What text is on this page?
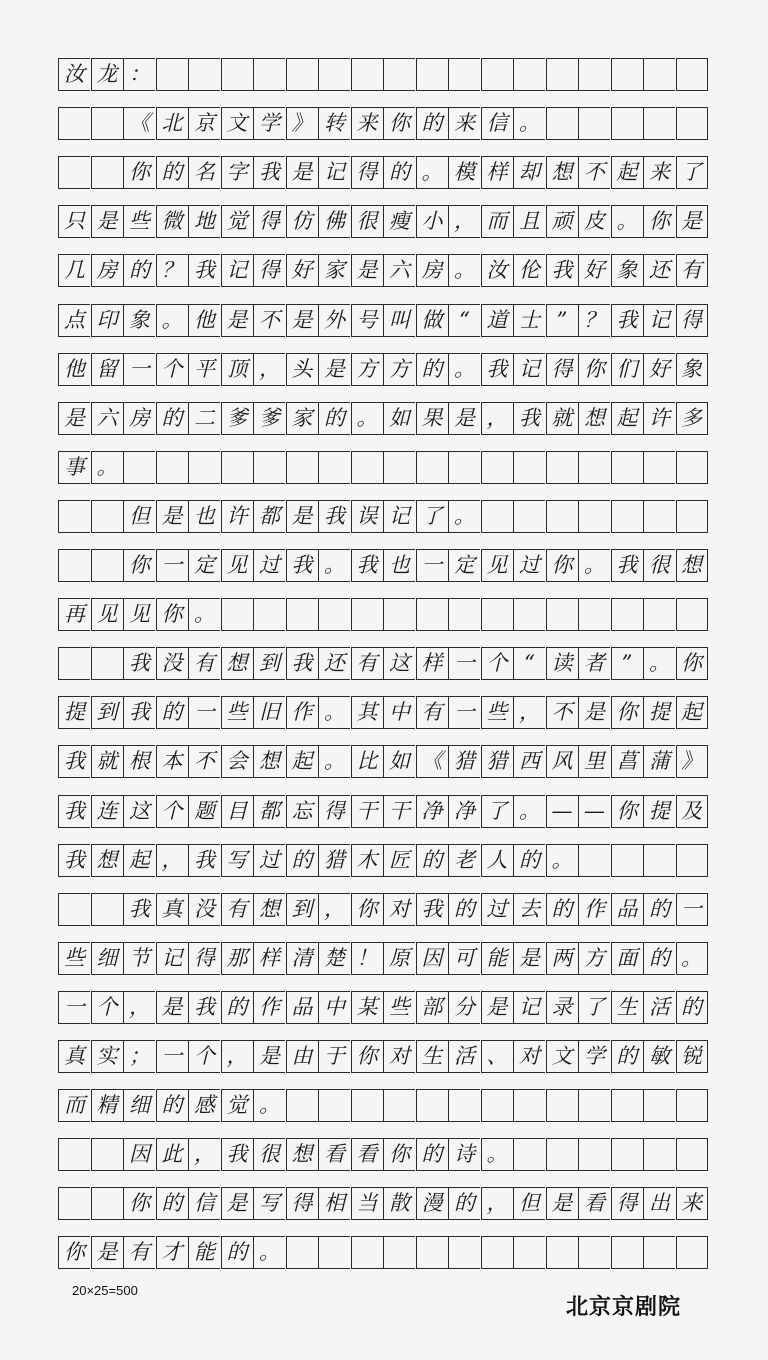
汝 龙 ：
《 北 京 文 学 》 转 来 你 的 来 信 。
你 的 名 字 我 是 记 得 的 。 模 样 却 想 不 起 来 了
只 是 些 微 地 觉 得 仿 佛 很 瘦 小 ， 而 且 顽 皮 。 你 是
几 房 的 ？ 我 记 得 好 家 是 六 房 。 汝 伦 我 好 象 还 有
点 印 象 。 他 是 不 是 外 号 叫 做 “ 道 士 ” ？ 我 记 得
他 留 一 个 平 顶 ， 头 是 方 方 的 。 我 记 得 你 们 好 象
是 六 房 的 二 爹 爹 家 的 。 如 果 是 ， 我 就 想 起 许 多
事 。
但 是 也 许 都 是 我 误 记 了 。
你 一 定 见 过 我 。 我 也 一 定 见 过 你 。 我 很 想
再 见 见 你 。
我 没 有 想 到 我 还 有 这 样 一 个 “ 读 者 ” 。 你
提 到 我 的 一 些 旧 作 。 其 中 有 一 些 ， 不 是 你 提 起
我 就 根 本 不 会 想 起 。 比 如 《 猎 猎 西 风 里 菖 蒲 》
我 连 这 个 题 目 都 忘 得 干 干 净 净 了 。 — — 你 提 及
我 想 起 ， 我 写 过 的 猎 木 匠 的 老 人 的 。
我 真 没 有 想 到 ， 你 对 我 的 过 去 的 作 品 的 一
些 细 节 记 得 那 样 清 楚 ！ 原 因 可 能 是 两 方 面 的 。
一 个 ， 是 我 的 作 品 中 某 些 部 分 是 记 录 了 生 活 的
真 实 ； 一 个 ， 是 由 于 你 对 生 活 、 对 文 学 的 敏 锐
而 精 细 的 感 觉 。
因 此 ， 我 很 想 看 看 你 的 诗 。
你 的 信 是 写 得 相 当 散 漫 的 ， 但 是 看 得 出 来
你 是 有 才 能 的 。
20×25=500
北京京剧院
